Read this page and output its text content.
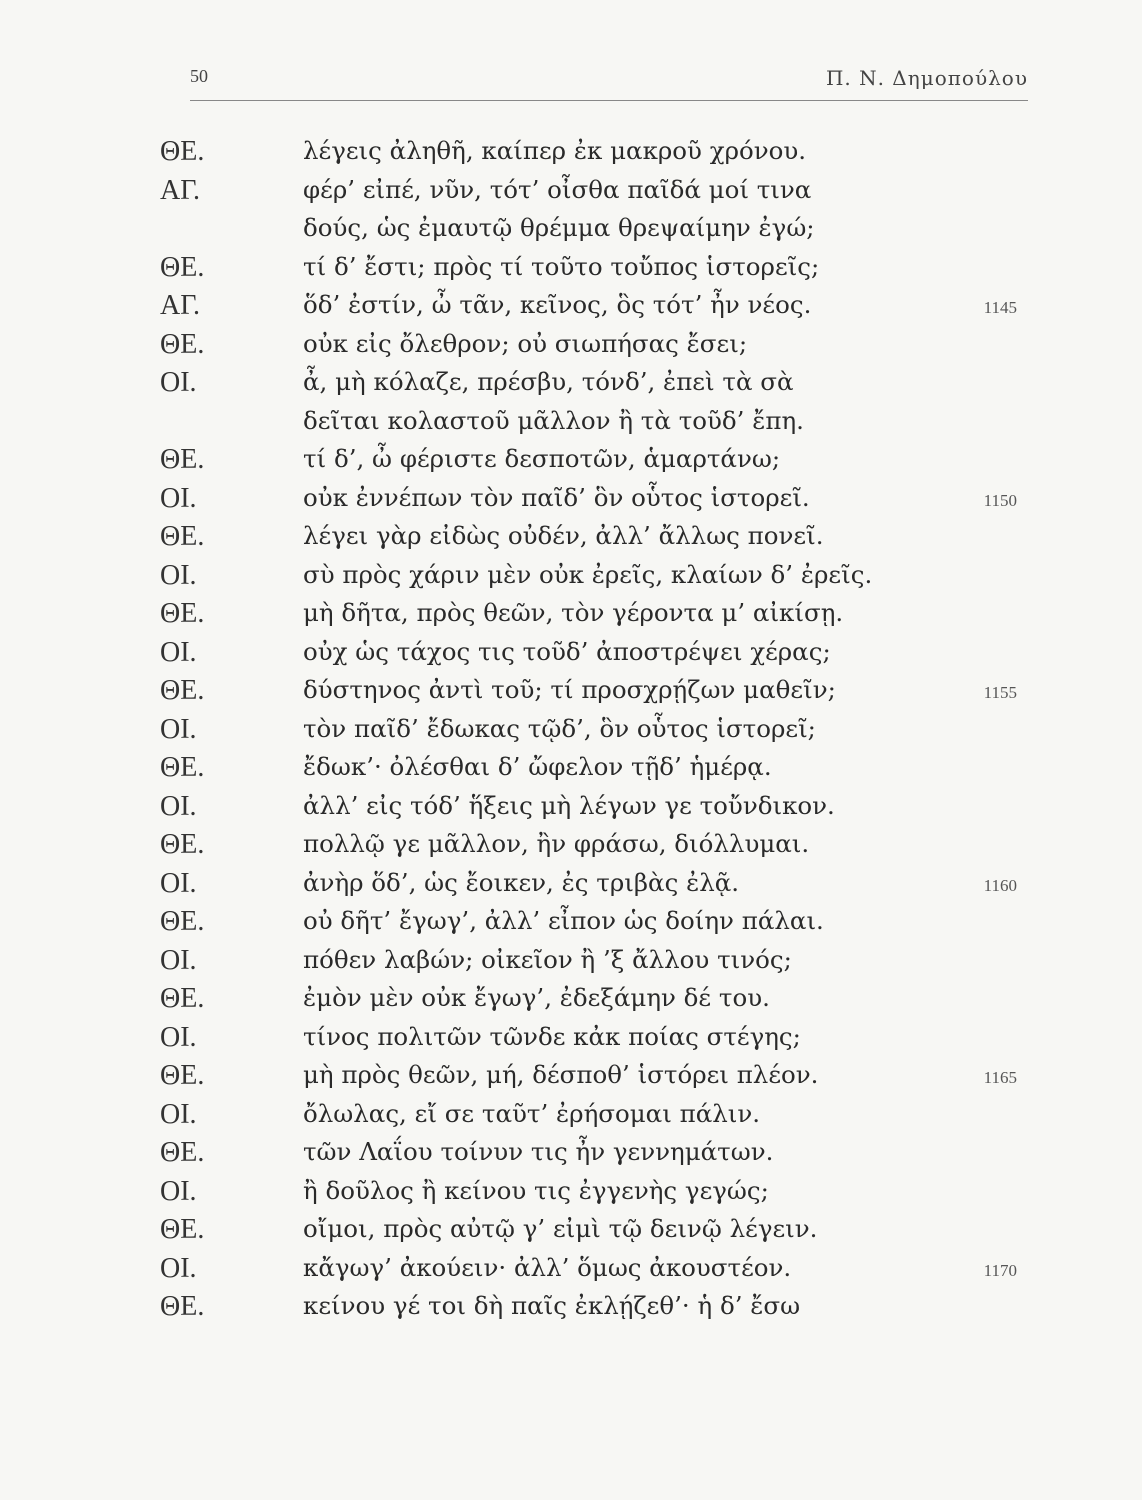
50	Π. Ν. Δημοπούλου
ΘΕ.	λέγεις ἀληθῆ, καίπερ ἐκ μακροῦ χρόνου.
ΑΓ.	φέρ’ εἰπέ, νῦν, τότ’ οἶσθα παῖδά μοί τινα
δούς, ὡς ἐμαυτῷ θρέμμα θρεψαίμην ἐγώ;
ΘΕ.	τί δ’ ἔστι; πρὸς τί τοῦτο τοὔπος ἱστορεῖς;
ΑΓ.	ὅδ’ ἐστίν, ὦ τᾶν, κεῖνος, ὃς τότ’ ἦν νέος.	1145
ΘΕ.	οὐκ εἰς ὄλεθρον; οὐ σιωπήσας ἔσει;
ΟΙ.	ἆ, μὴ κόλαζε, πρέσβυ, τόνδ’, ἐπεὶ τὰ σὰ
δεῖται κολαστοῦ μᾶλλον ἢ τὰ τοῦδ’ ἔπη.
ΘΕ.	τί δ’, ὦ φέριστε δεσποτῶν, ἁμαρτάνω;
ΟΙ.	οὐκ ἐννέπων τὸν παῖδ’ ὃν οὗτος ἱστορεῖ.	1150
ΘΕ.	λέγει γὰρ εἰδὼς οὐδέν, ἀλλ’ ἄλλως πονεῖ.
ΟΙ.	σὺ πρὸς χάριν μὲν οὐκ ἐρεῖς, κλαίων δ’ ἐρεῖς.
ΘΕ.	μὴ δῆτα, πρὸς θεῶν, τὸν γέροντα μ’ αἰκίσῃ.
ΟΙ.	οὐχ ὡς τάχος τις τοῦδ’ ἀποστρέψει χέρας;
ΘΕ.	δύστηνος ἀντὶ τοῦ; τί προσχρῄζων μαθεῖν;	1155
ΟΙ.	τὸν παῖδ’ ἔδωκας τῷδ’, ὃν οὗτος ἱστορεῖ;
ΘΕ.	ἔδωκ’· ὀλέσθαι δ’ ὤφελον τῇδ’ ἡμέρᾳ.
ΟΙ.	ἀλλ’ εἰς τόδ’ ἥξεις μὴ λέγων γε τοὔνδικον.
ΘΕ.	πολλῷ γε μᾶλλον, ἢν φράσω, διόλλυμαι.
ΟΙ.	ἀνὴρ ὅδ’, ὡς ἔοικεν, ἐς τριβὰς ἐλᾷ.	1160
ΘΕ.	οὐ δῆτ’ ἔγωγ’, ἀλλ’ εἶπον ὡς δοίην πάλαι.
ΟΙ.	πόθεν λαβών; οἰκεῖον ἢ ’ξ ἄλλου τινός;
ΘΕ.	ἐμὸν μὲν οὐκ ἔγωγ’, ἐδεξάμην δέ του.
ΟΙ.	τίνος πολιτῶν τῶνδε κἀκ ποίας στέγης;
ΘΕ.	μὴ πρὸς θεῶν, μή, δέσποθ’ ἱστόρει πλέον.	1165
ΟΙ.	ὄλωλας, εἴ σε ταῦτ’ ἐρήσομαι πάλιν.
ΘΕ.	τῶν Λαΐου τοίνυν τις ἦν γεννημάτων.
ΟΙ.	ἢ δοῦλος ἢ κείνου τις ἐγγενὴς γεγώς;
ΘΕ.	οἴμοι, πρὸς αὐτῷ γ’ εἰμὶ τῷ δεινῷ λέγειν.
ΟΙ.	κἄγωγ’ ἀκούειν· ἀλλ’ ὅμως ἀκουστέον.	1170
ΘΕ.	κείνου γέ τοι δὴ παῖς ἐκλῄζεθ’· ἡ δ’ ἔσω
